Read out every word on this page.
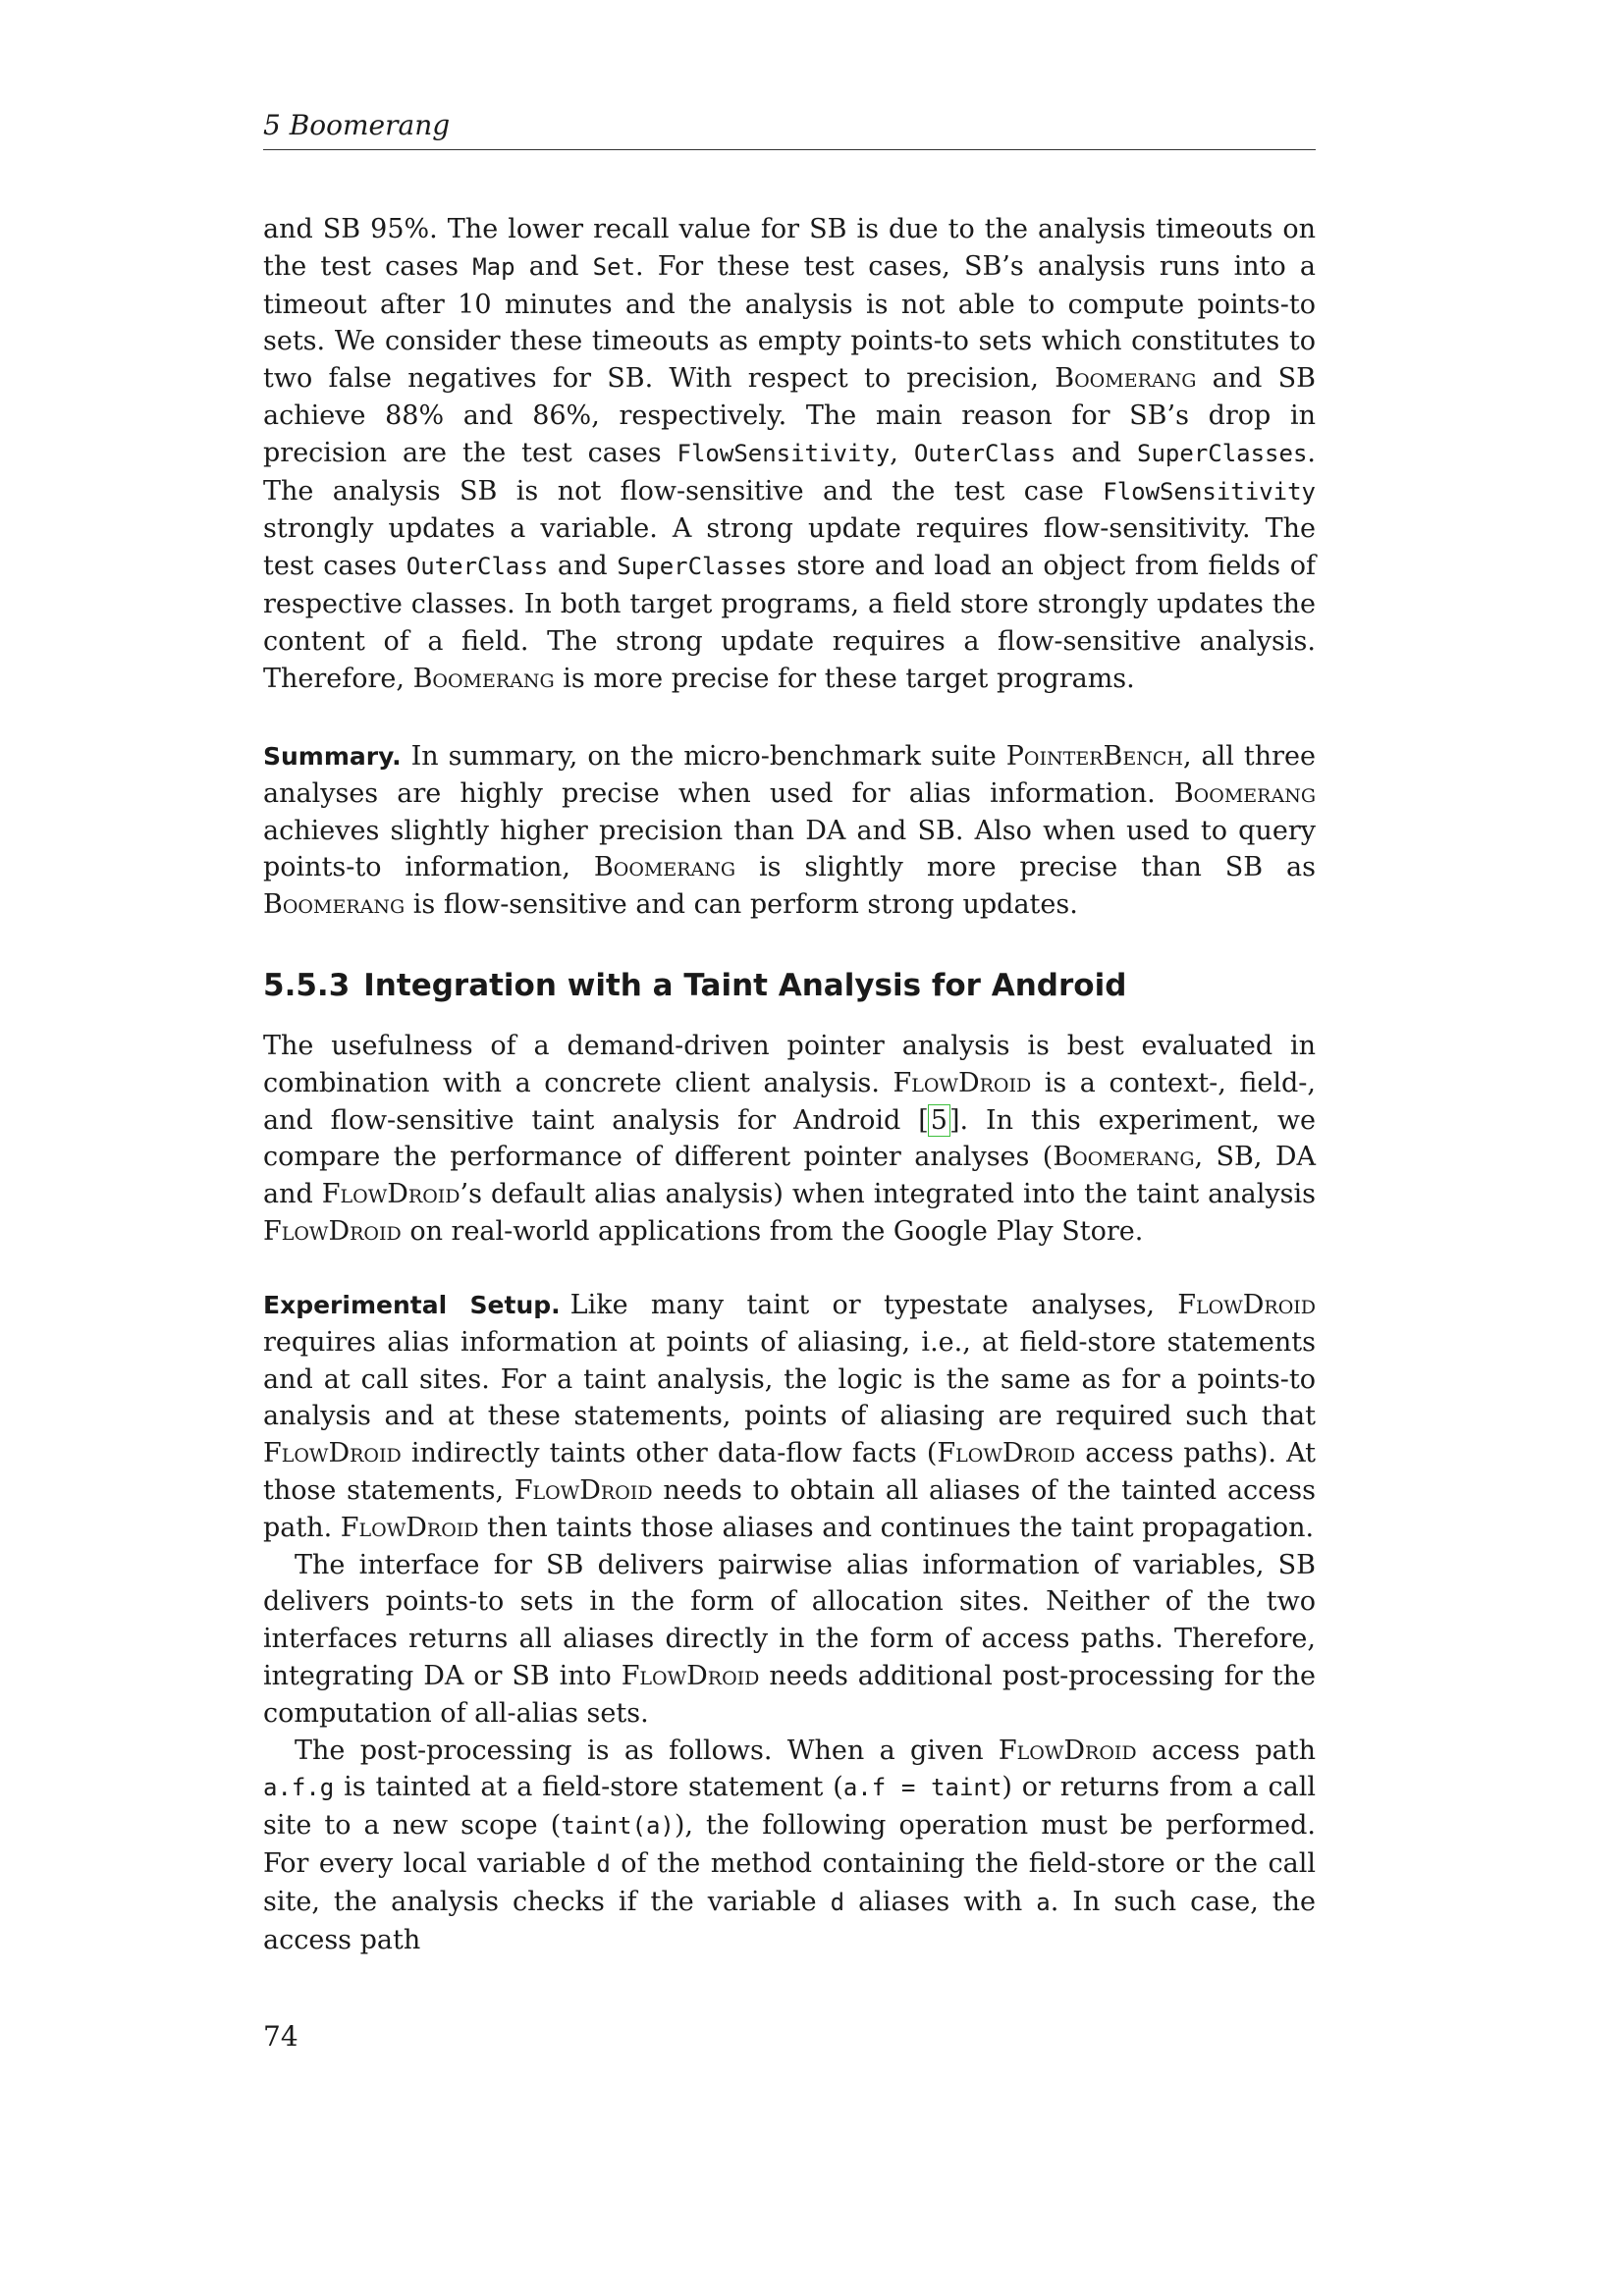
5 Boomerang

and SB 95%. The lower recall value for SB is due to the analysis timeouts on the test cases Map and Set. For these test cases, SB’s analysis runs into a timeout after 10 minutes and the analysis is not able to compute points-to sets. We consider these timeouts as empty points-to sets which constitutes to two false negatives for SB. With respect to precision, Boomerang and SB achieve 88% and 86%, respectively. The main reason for SB’s drop in precision are the test cases FlowSensitivity, OuterClass and SuperClasses. The analysis SB is not flow-sensitive and the test case FlowSensitivity strongly updates a variable. A strong update requires flow-sensitivity. The test cases OuterClass and SuperClasses store and load an object from fields of respective classes. In both target programs, a field store strongly updates the content of a field. The strong update requires a flow-sensitive analysis. Therefore, Boomerang is more precise for these target programs.

Summary. In summary, on the micro-benchmark suite PointerBench, all three analyses are highly precise when used for alias information. Boomerang achieves slightly higher precision than DA and SB. Also when used to query points-to information, Boomerang is slightly more precise than SB as Boomerang is flow-sensitive and can perform strong updates.

5.5.3 Integration with a Taint Analysis for Android

The usefulness of a demand-driven pointer analysis is best evaluated in combination with a concrete client analysis. FlowDroid is a context-, field-, and flow-sensitive taint analysis for Android [5]. In this experiment, we compare the performance of different pointer analyses (Boomerang, SB, DA and FlowDroid’s default alias analysis) when integrated into the taint analysis FlowDroid on real-world applications from the Google Play Store.

Experimental Setup. Like many taint or typestate analyses, FlowDroid requires alias information at points of aliasing, i.e., at field-store statements and at call sites. For a taint analysis, the logic is the same as for a points-to analysis and at these statements, points of aliasing are required such that FlowDroid indirectly taints other data-flow facts (FlowDroid access paths). At those statements, FlowDroid needs to obtain all aliases of the tainted access path. FlowDroid then taints those aliases and continues the taint propagation.

The interface for SB delivers pairwise alias information of variables, SB delivers points-to sets in the form of allocation sites. Neither of the two interfaces returns all aliases directly in the form of access paths. Therefore, integrating DA or SB into FlowDroid needs additional post-processing for the computation of all-alias sets.

The post-processing is as follows. When a given FlowDroid access path a.f.g is tainted at a field-store statement (a.f = taint) or returns from a call site to a new scope (taint(a)), the following operation must be performed. For every local variable d of the method containing the field-store or the call site, the analysis checks if the variable d aliases with a. In such case, the access path

74
